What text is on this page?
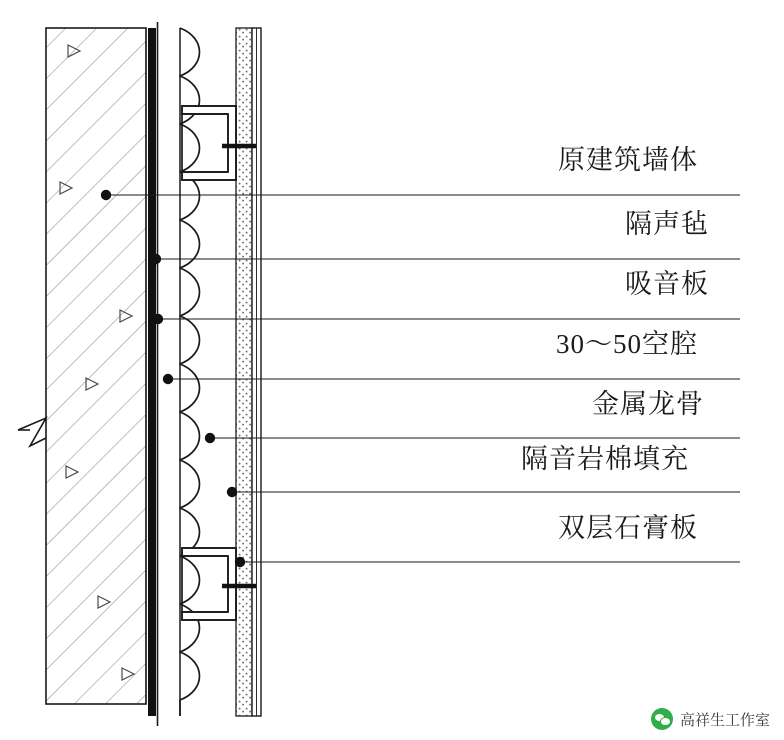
原建筑墙体
隔声毡
吸音板
30～50空腔
金属龙骨
隔音岩棉填充
双层石膏板
高祥生工作室
